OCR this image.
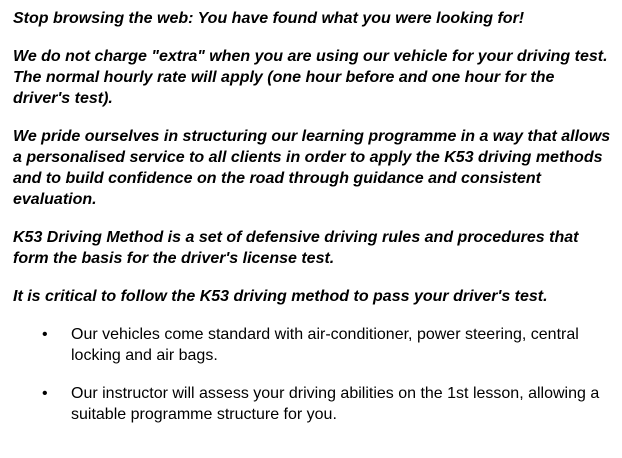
Stop browsing the web: You have found what you were looking for!

We do not charge "extra" when you are using our vehicle for your driving test. The normal hourly rate will apply (one hour before and one hour for the driver's test).

We pride ourselves in structuring our learning programme in a way that allows a personalised service to all clients in order to apply the K53 driving methods and to build confidence on the road through guidance and consistent evaluation.

K53 Driving Method is a set of defensive driving rules and procedures that form the basis for the driver's license test.

It is critical to follow the K53 driving method to pass your driver's test.

• Our vehicles come standard with air-conditioner, power steering, central locking and air bags.
• Our instructor will assess your driving abilities on the 1st lesson, allowing a suitable programme structure for you.
